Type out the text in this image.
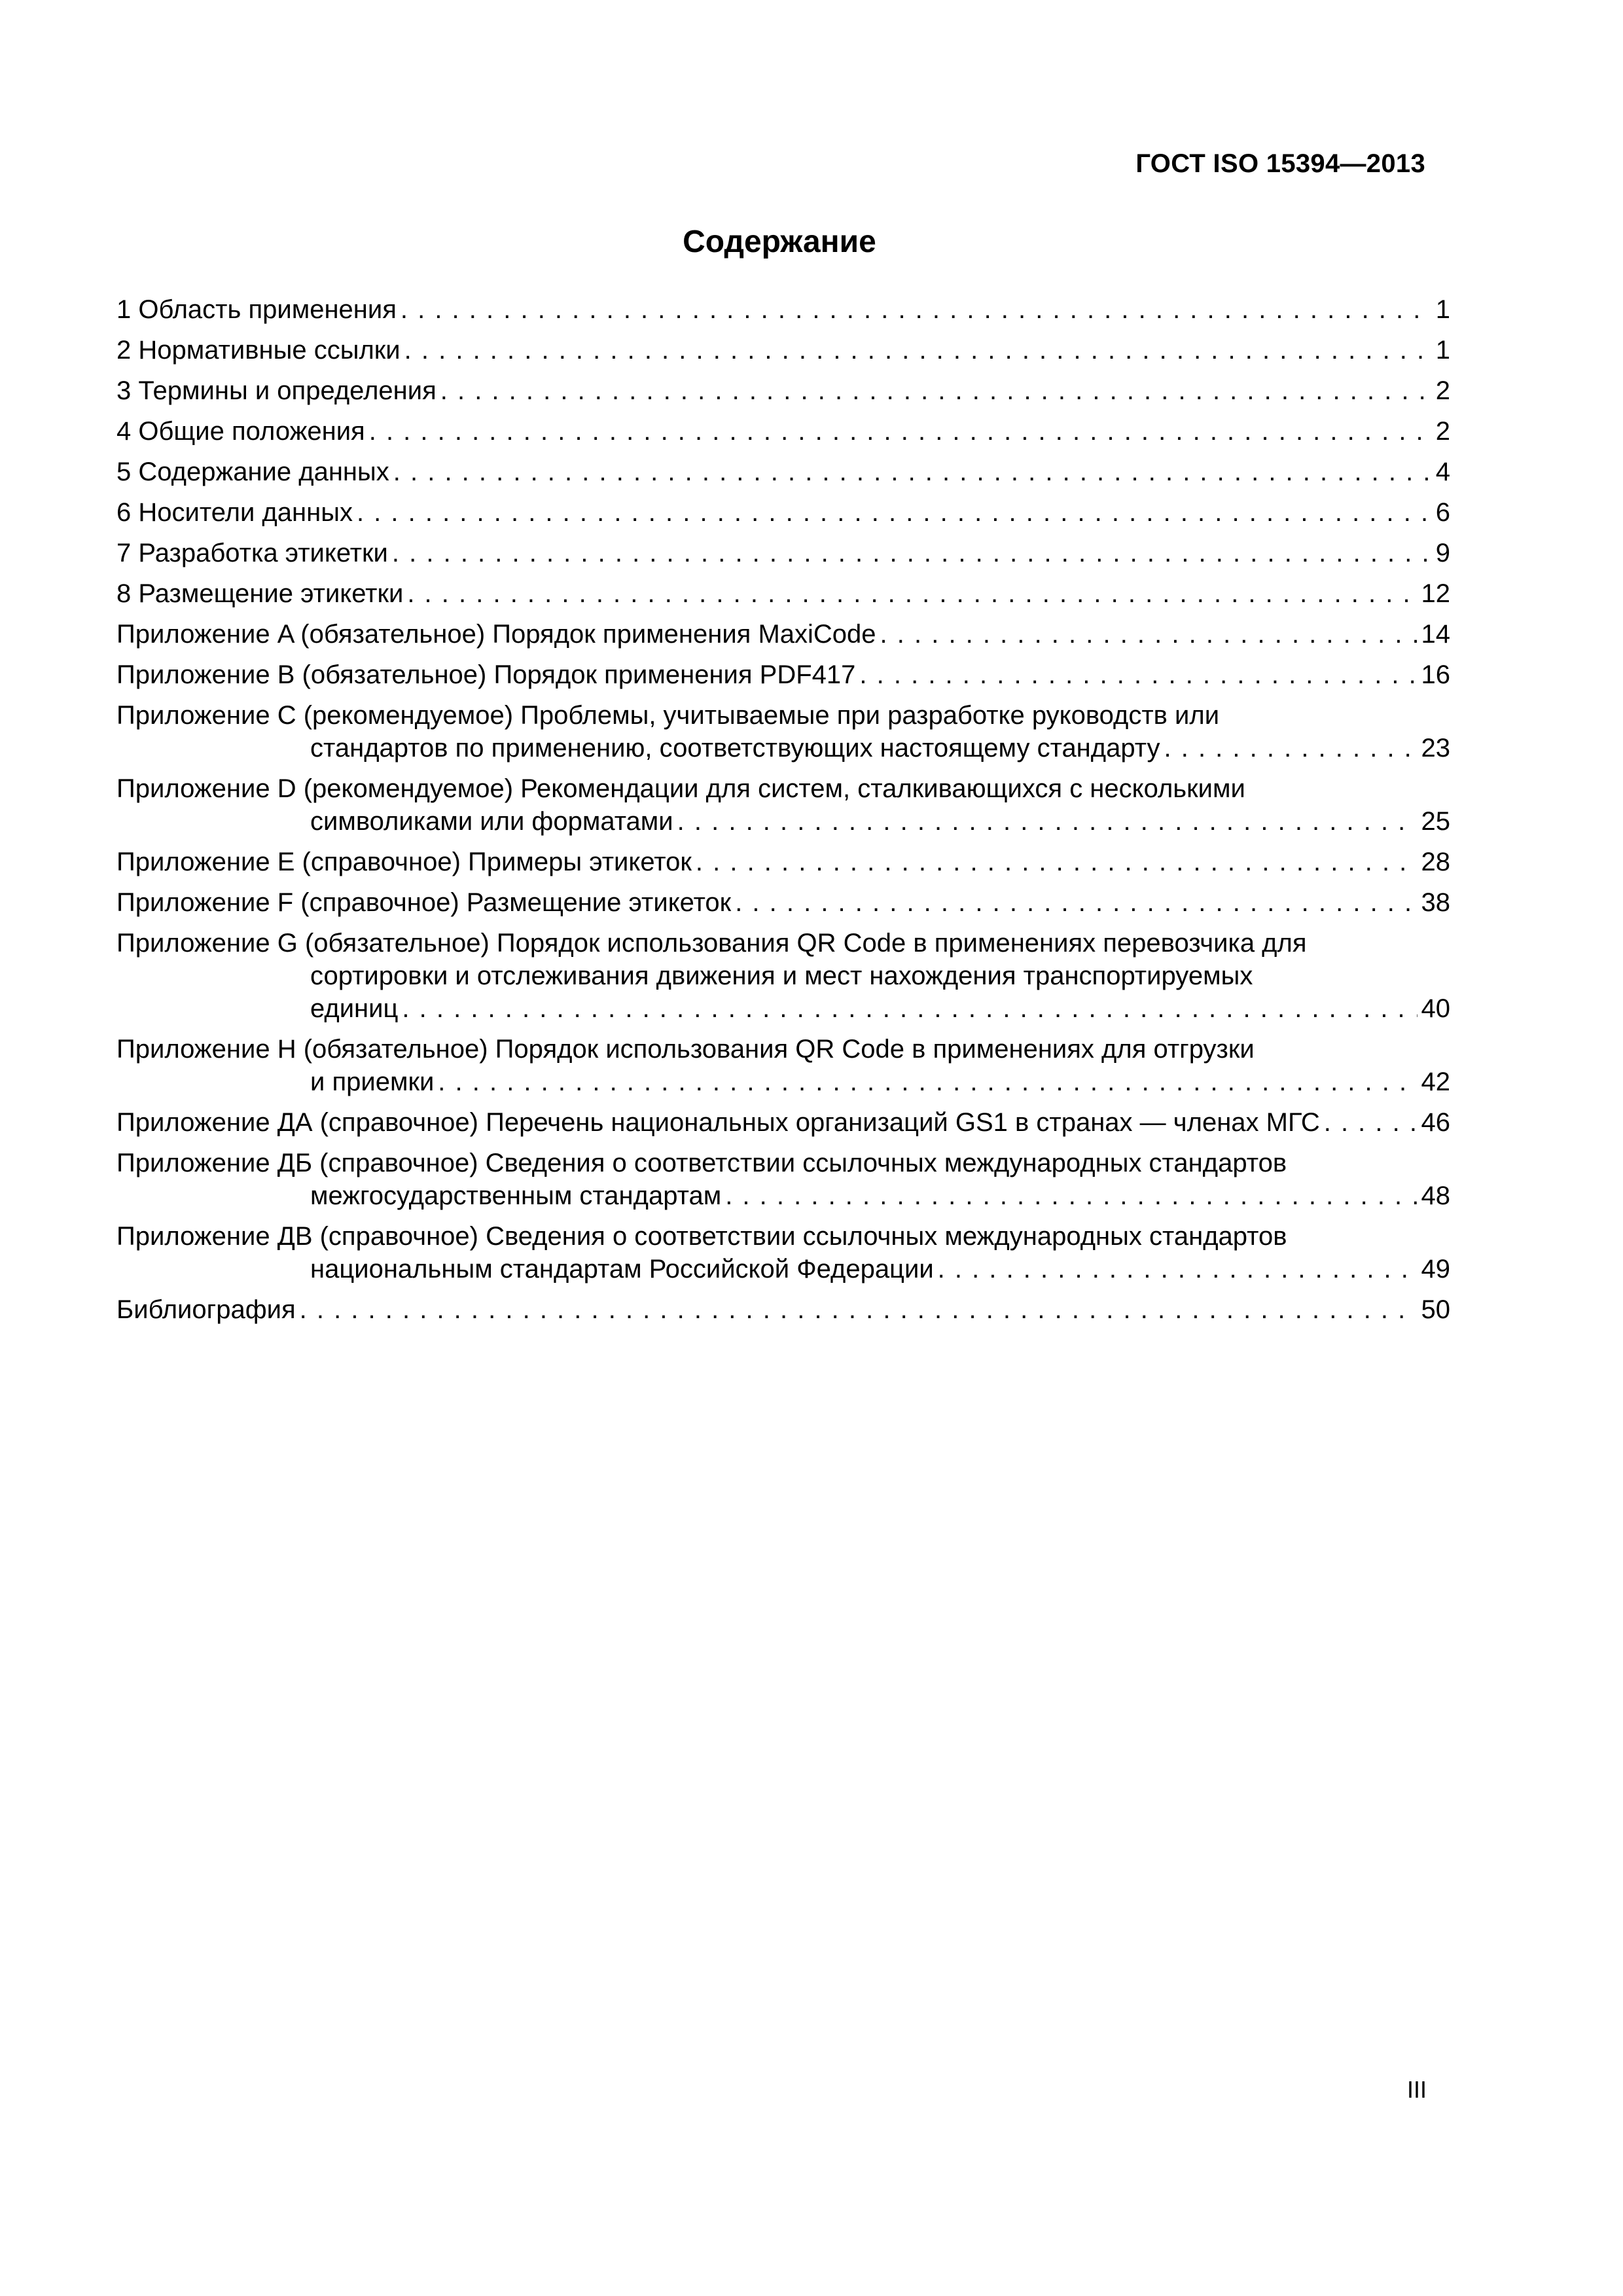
ГОСТ ISO 15394—2013
Содержание
1 Область применения . . .	1
2 Нормативные ссылки . . .	1
3 Термины и определения . . .	2
4 Общие положения . . .	2
5 Содержание данных . . .	4
6 Носители данных . . .	6
7 Разработка этикетки . . .	9
8 Размещение этикетки . . .	12
Приложение A (обязательное) Порядок применения MaxiCode . . .	14
Приложение B (обязательное) Порядок применения PDF417 . . .	16
Приложение C (рекомендуемое) Проблемы, учитываемые при разработке руководств или
стандартов по применению, соответствующих настоящему стандарту . . .	23
Приложение D (рекомендуемое) Рекомендации для систем, сталкивающихся с несколькими
символиками или форматами . . .	25
Приложение E (справочное) Примеры этикеток . . .	28
Приложение F (справочное) Размещение этикеток . . .	38
Приложение G (обязательное) Порядок использования QR Code в применениях перевозчика для
сортировки и отслеживания движения и мест нахождения транспортируемых
единиц . . .	40
Приложение H (обязательное) Порядок использования QR Code в применениях для отгрузки
и приемки . . .	42
Приложение ДА (справочное) Перечень национальных организаций GS1 в странах — членах МГС . . .	46
Приложение ДБ (справочное) Сведения о соответствии ссылочных международных стандартов
межгосударственным стандартам . . .	48
Приложение ДВ (справочное) Сведения о соответствии ссылочных международных стандартов
национальным стандартам Российской Федерации . . .	49
Библиография . . .	50
III
